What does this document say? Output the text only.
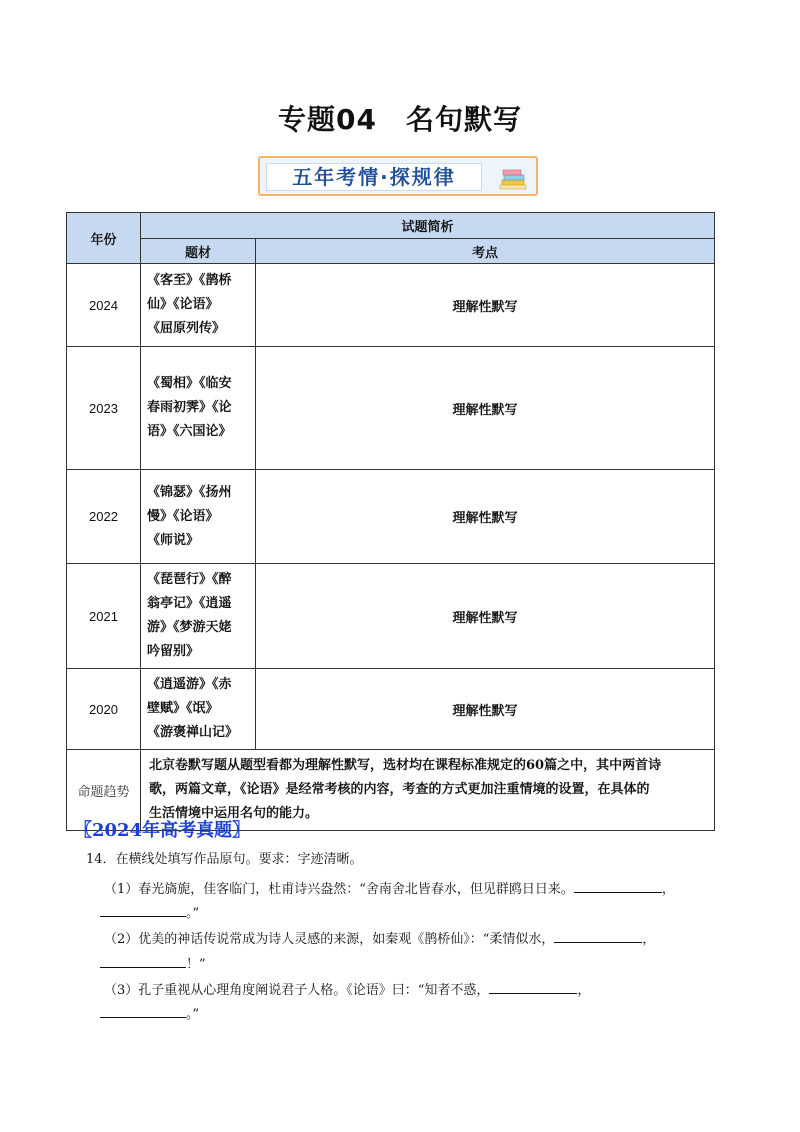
专题04　名句默写
五年考情·探规律
年份	试题简析	
	题材	考点
2024	《客至》《鹊桥
仙》《论语》
《屈原列传》	理解性默写
2023	《蜀相》《临安
春雨初霁》《论
语》《六国论》	理解性默写
2022	《锦瑟》《扬州
慢》《论语》
《师说》	理解性默写
2021	《琵琶行》《醉
翁亭记》《逍遥
游》《梦游天姥
吟留别》	理解性默写
2020	《逍遥游》《赤
壁赋》《氓》
《游褒禅山记》	理解性默写
命题趋势	北京卷默写题从题型看都为理解性默写，选材均在课程标准规定的60篇之中，其中两首诗
歌，两篇文章，《论语》是经常考核的内容，考查的方式更加注重情境的设置，在具体的
生活情境中运用名句的能力。	
〖2024年高考真题〗
14．在横线处填写作品原句。要求：字迹清晰。
（1）春光旖旎，佳客临门，杜甫诗兴盎然：“舍南舍北皆春水，但见群鸥日日来。	，
。”
（2）优美的神话传说常成为诗人灵感的来源，如秦观《鹊桥仙》：“柔情似水，	，
！”
（3）孔子重视从心理角度阐说君子人格。《论语》曰：“知者不惑，	，
。”
